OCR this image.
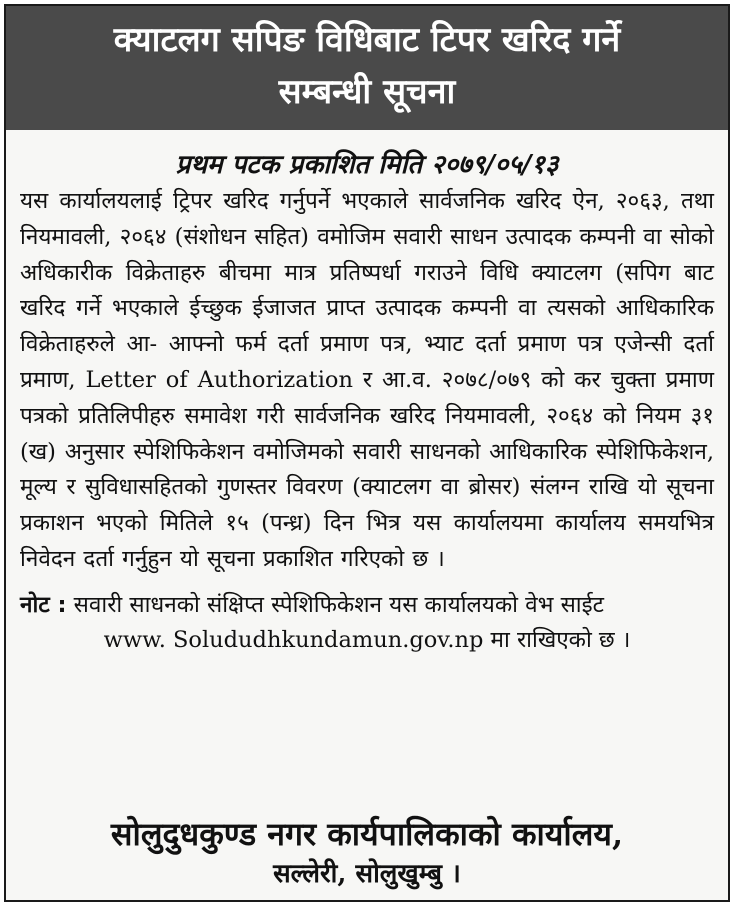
क्याटलग सपिङ विधिबाट टिपर खरिद गर्ने
सम्बन्धी सूचना
प्रथम पटक प्रकाशित मिति २०७९/०५/१३
यस कार्यालयलाई ट्रिपर खरिद गर्नुपर्ने भएकाले सार्वजनिक खरिद ऐन, २०६३, तथा नियमावली, २०६४ (संशोधन सहित) वमोजिम सवारी साधन उत्पादक कम्पनी वा सोको अधिकारीक विक्रेताहरु बीचमा मात्र प्रतिष्पर्धा गराउने विधि क्याटलग (सपिग बाट खरिद गर्ने भएकाले ईच्छुक ईजाजत प्राप्त उत्पादक कम्पनी वा त्यसको आधिकारिक विक्रेताहरुले आ- आफ्नो फर्म दर्ता प्रमाण पत्र, भ्याट दर्ता प्रमाण पत्र एजेन्सी दर्ता प्रमाण, Letter of Authorization र आ.व. २०७८/०७९ को कर चुक्ता प्रमाण पत्रको प्रतिलिपीहरु समावेश गरी सार्वजनिक खरिद नियमावली, २०६४ को नियम ३१ (ख) अनुसार स्पेशिफिकेशन वमोजिमको सवारी साधनको आधिकारिक स्पेशिफिकेशन, मूल्य र सुविधासहितको गुणस्तर विवरण (क्याटलग वा ब्रोसर) संलग्न राखि यो सूचना प्रकाशन भएको मितिले १५ (पन्ध्र) दिन भित्र यस कार्यालयमा कार्यालय समयभित्र निवेदन दर्ता गर्नुहुन यो सूचना प्रकाशित गरिएको छ ।
नोट : सवारी साधनको संक्षिप्त स्पेशिफिकेशन यस कार्यालयको वेभ साईट
www. Solududhkundamun.gov.np मा राखिएको छ ।
सोलुदुधकुण्ड नगर कार्यपालिकाको कार्यालय,
सल्लेरी, सोलुखुम्बु ।
